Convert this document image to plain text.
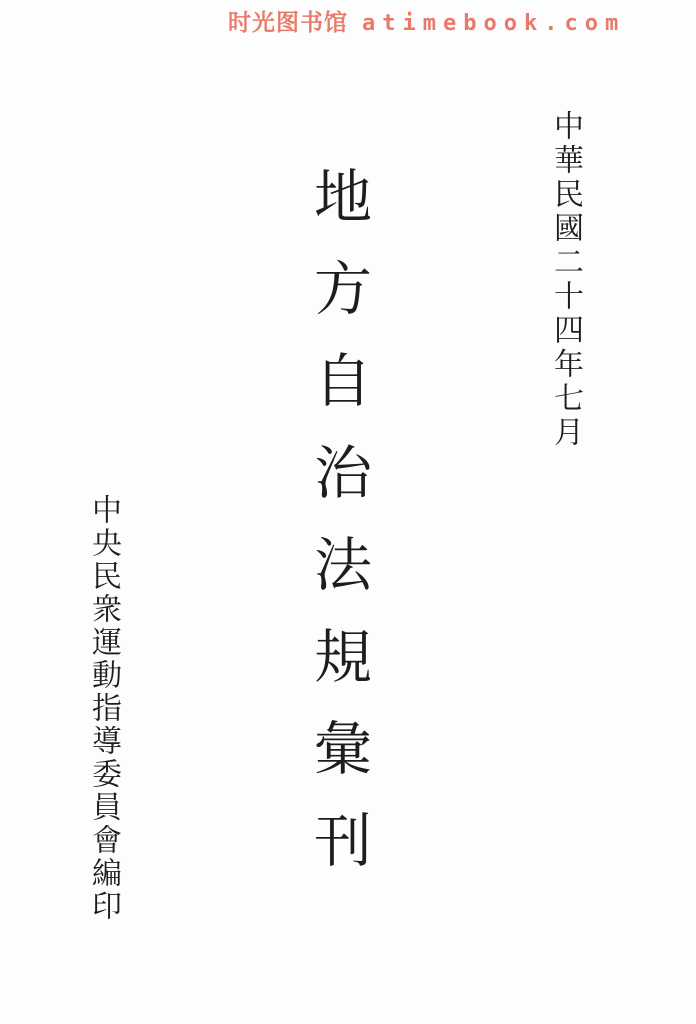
时光图书馆 atimebook.com
中華民國二十四年七月
地方自治法規彙刊
中央民衆運動指導委員會編印
